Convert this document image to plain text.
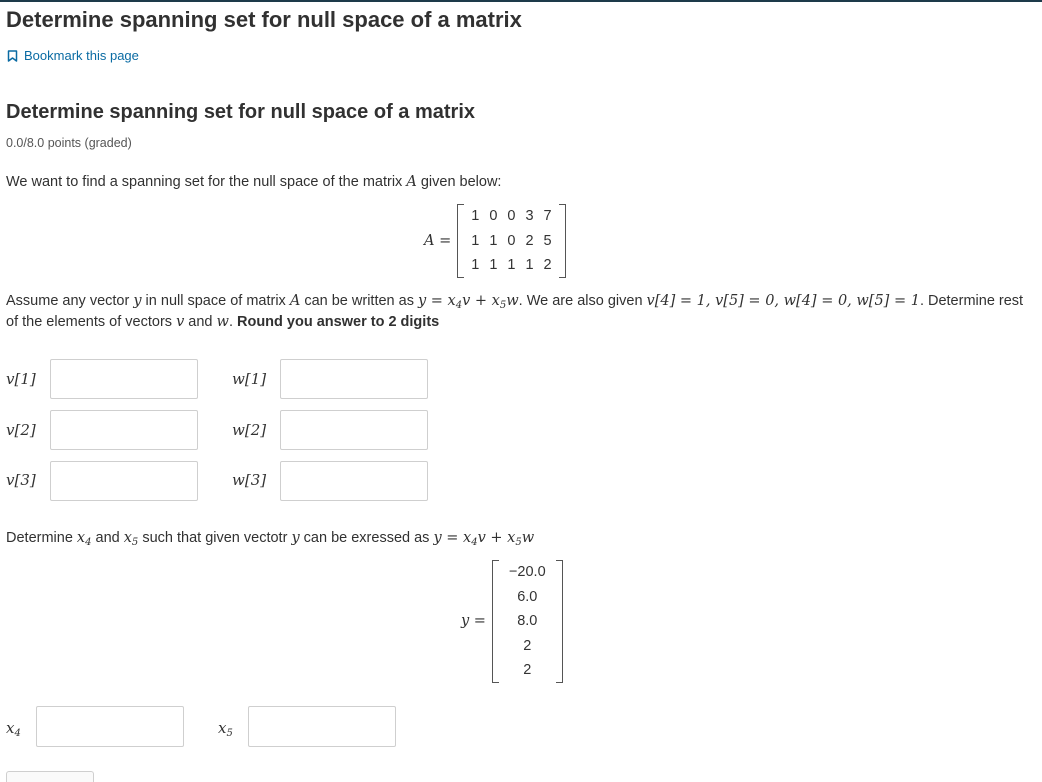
Determine spanning set for null space of a matrix
Bookmark this page
Determine spanning set for null space of a matrix
0.0/8.0 points (graded)
We want to find a spanning set for the null space of the matrix A given below:
A =
1	0	0	3	7
1	1	0	2	5
1	1	1	1	2
Assume any vector y in null space of matrix A can be written as $y = x_4v + x_5w$. We are also given v[4] = 1, v[5] = 0, w[4] = 0, w[5] = 1. Determine rest of the elements of vectors v and w. Round you answer to 2 digits
v[1]	w[1]
v[2]	w[2]
v[3]	w[3]
Determine $x_4$ and $x_5$ such that given vectotr y can be exressed as $y = x_4v + x_5w$
y =
−20.0
6.0
8.0
2
2
$x_4$	$x_5$
